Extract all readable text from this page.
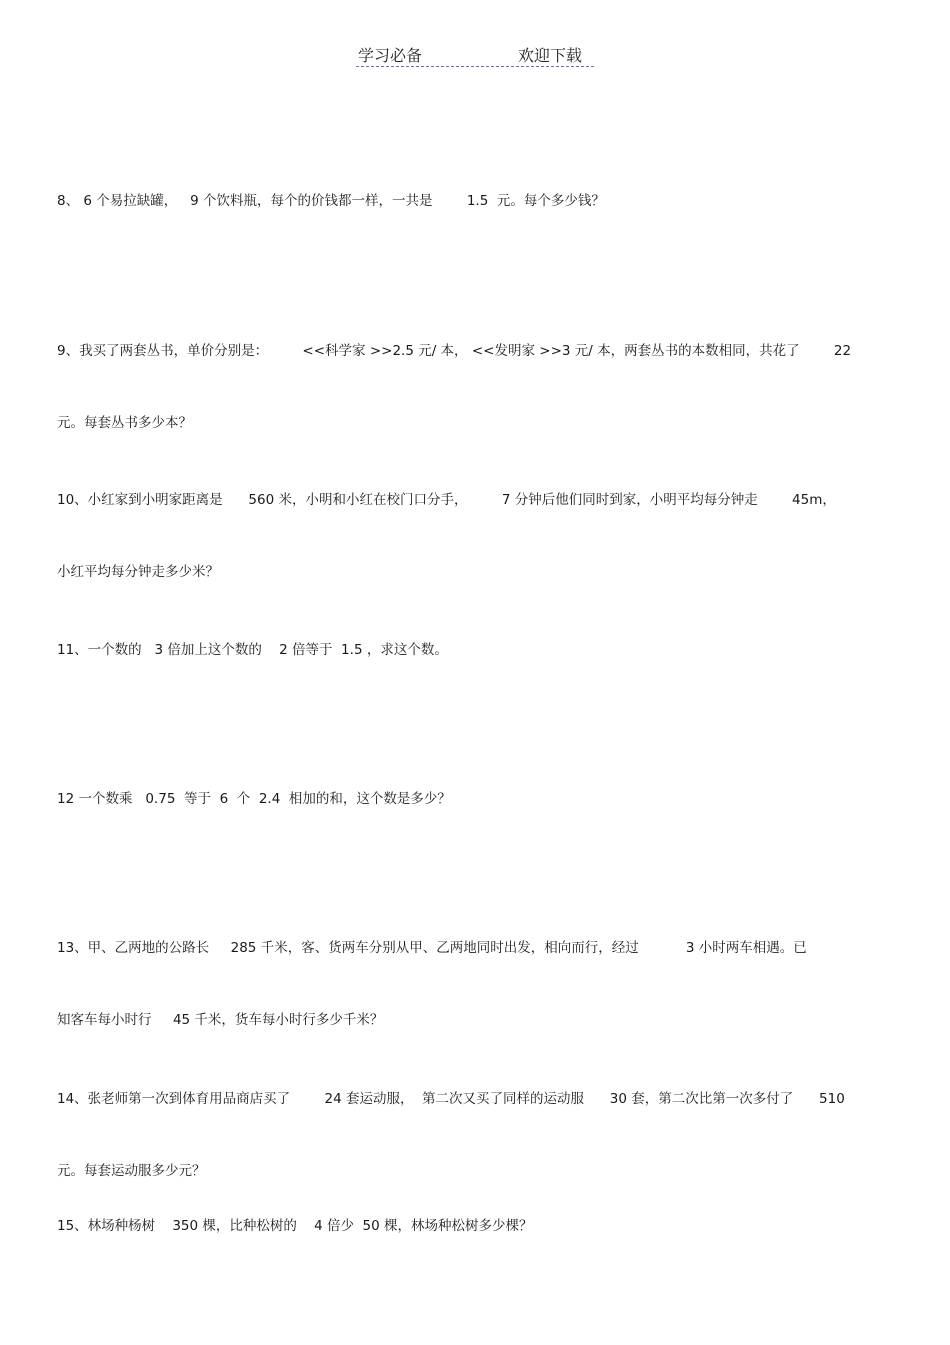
学习必备	欢迎下载

8、 6 个易拉缺罐，   9 个饮料瓶，每个的价钱都一样，一共是        1.5  元。每个多少钱？

9、我买了两套丛书，单价分别是：        <<科学家 >>2.5 元/ 本， <<发明家 >>3 元/ 本，两套丛书的本数相同，共花了        22

元。每套丛书多少本？

10、小红家到小明家距离是      560 米，小明和小红在校门口分手，        7 分钟后他们同时到家，小明平均每分钟走        45m，

小红平均每分钟走多少米？

11、一个数的   3 倍加上这个数的    2 倍等于  1.5 ，求这个数。

12 一个数乘   0.75  等于  6  个  2.4  相加的和，这个数是多少？

13、甲、乙两地的公路长     285 千米，客、货两车分别从甲、乙两地同时出发，相向而行，经过           3 小时两车相遇。已

知客车每小时行     45 千米，货车每小时行多少千米？

14、张老师第一次到体育用品商店买了        24 套运动服，  第二次又买了同样的运动服      30 套，第二次比第一次多付了      510

元。每套运动服多少元？

15、林场种杨树    350 棵，比种松树的    4 倍少  50 棵，林场种松树多少棵？
